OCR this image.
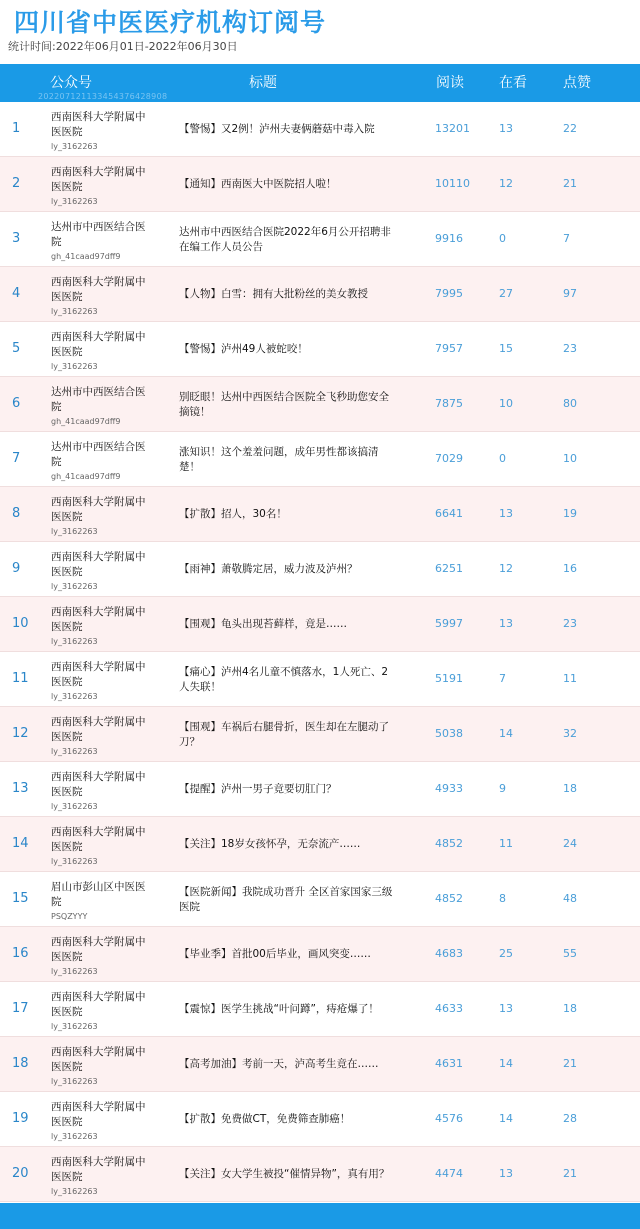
四川省中医医疗机构订阅号
统计时间:2022年06月01日-2022年06月30日
公众号	标题	阅读	在看	点赞
20220712113345437642890​8
1
西南医科大学附属中医医院
ly_3162263
【警惕】又2例！泸州夫妻俩蘑菇中毒入院	13201	13	22
2
西南医科大学附属中医医院
ly_3162263
【通知】西南医大中医院招人啦！	10110	12	21
3
达州市中西医结合医院
gh_41caad97dff9
达州市中西医结合医院2022年6月公开招聘非在编工作人员公告
9916	0	7
4
西南医科大学附属中医医院
ly_3162263
【人物】白雪：拥有大批粉丝的美女教授	7995	27	97
5
西南医科大学附属中医医院
ly_3162263
【警惕】泸州49人被蛇咬！	7957	15	23
6
达州市中西医结合医院
gh_41caad97dff9
别眨眼！达州中西医结合医院全飞秒助您安全摘镜！
7875	10	80
7
达州市中西医结合医院
gh_41caad97dff9
涨知识！这个羞羞问题，成年男性都该搞清楚！
7029	0	10
8
西南医科大学附属中医医院
ly_3162263
【扩散】招人，30名！	6641	13	19
9
西南医科大学附属中医医院
ly_3162263
【雨神】萧敬腾定居，威力波及泸州？	6251	12	16
10
西南医科大学附属中医医院
ly_3162263
【围观】龟头出现苔藓样，竟是……	5997	13	23
11
西南医科大学附属中医医院
ly_3162263
【痛心】泸州4名儿童不慎落水，1人死亡、2人失联！
5191	7	11
12
西南医科大学附属中医医院
ly_3162263
【围观】车祸后右腿骨折，医生却在左腿动了刀？
5038	14	32
13
西南医科大学附属中医医院
ly_3162263
【提醒】泸州一男子竟要切肛门？	4933	9	18
14
西南医科大学附属中医医院
ly_3162263
【关注】18岁女孩怀孕，无奈流产……	4852	11	24
15
眉山市彭山区中医医院
PSQZYYY
【医院新闻】我院成功晋升 全区首家国家三级医院
4852	8	48
16
西南医科大学附属中医医院
ly_3162263
【毕业季】首批00后毕业，画风突变……	4683	25	55
17
西南医科大学附属中医医院
ly_3162263
【震惊】医学生挑战“叶问蹲”，痔疮爆了！	4633	13	18
18
西南医科大学附属中医医院
ly_3162263
【高考加油】考前一天，泸高考生竟在……	4631	14	21
19
西南医科大学附属中医医院
ly_3162263
【扩散】免费做CT，免费筛查肺癌！	4576	14	28
20
西南医科大学附属中医医院
ly_3162263
【关注】女大学生被投“催情异物”，真有用？	4474	13	21
